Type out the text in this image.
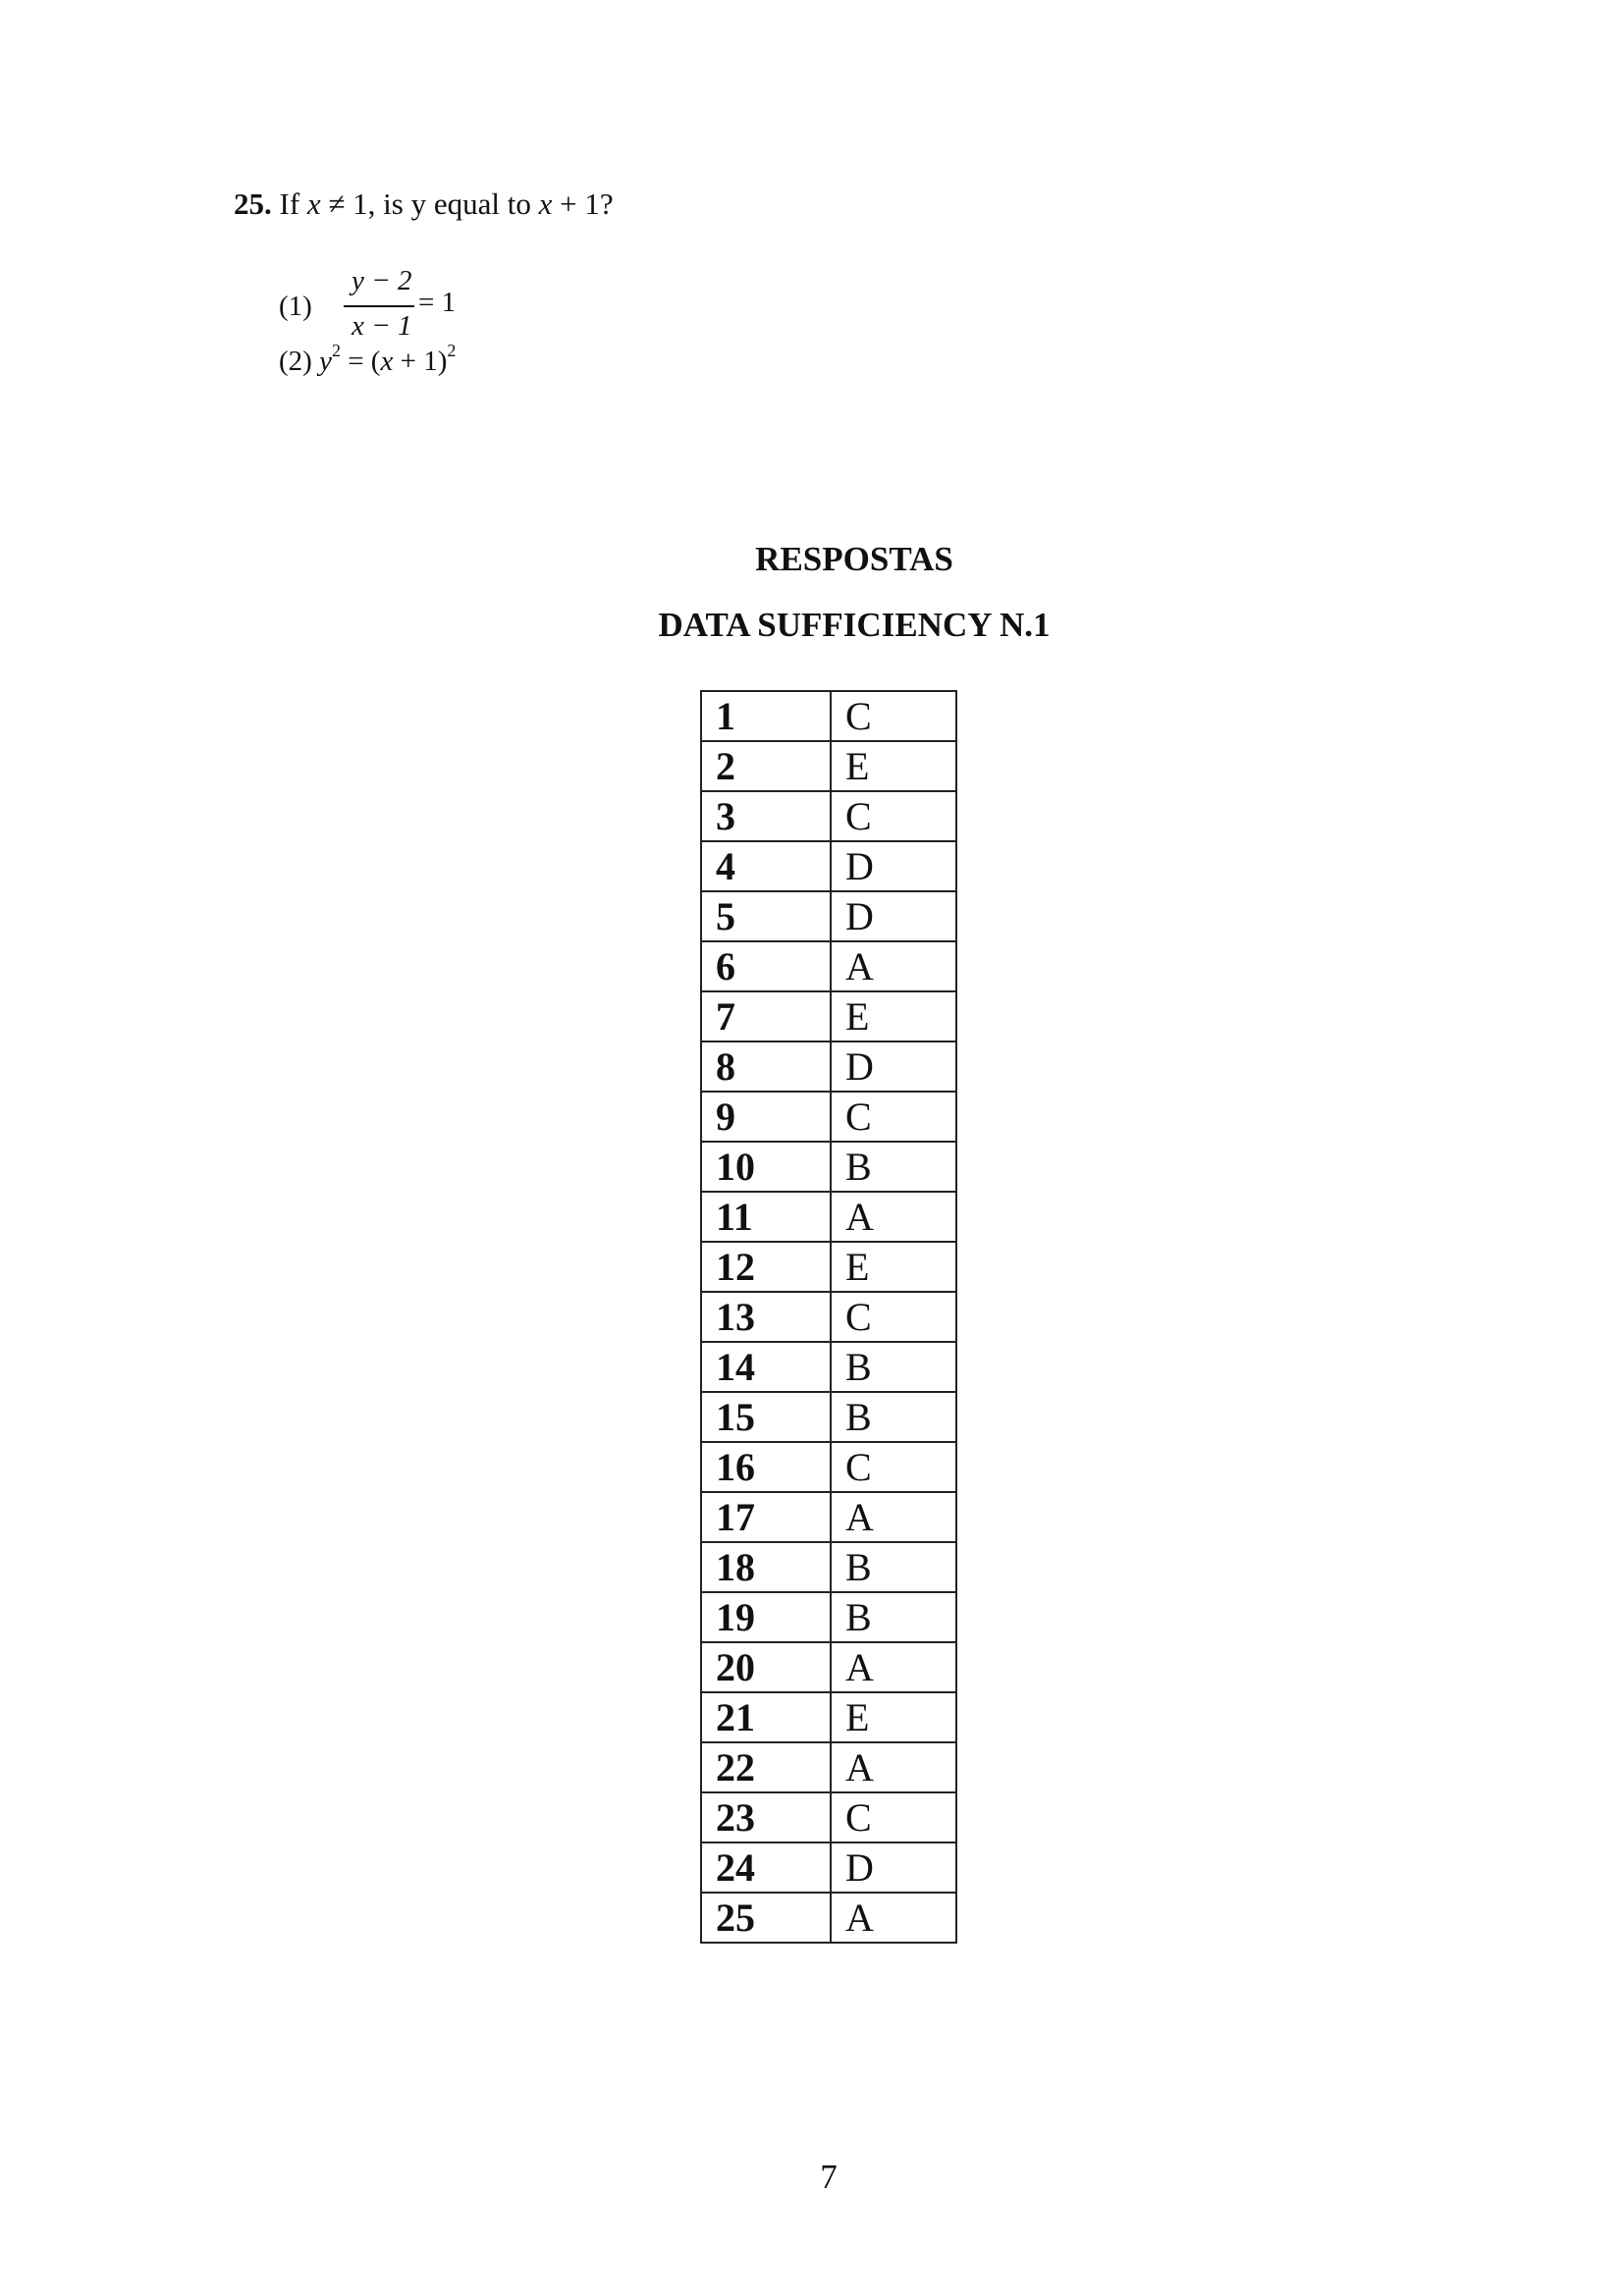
25. If x ≠ 1, is y equal to x + 1?
(1)
y − 2
x − 1
= 1
(2) $y^2 = (x + 1)^2$
RESPOSTAS
DATA SUFFICIENCY N.1
1	C
2	E
3	C
4	D
5	D
6	A
7	E
8	D
9	C
10	B
11	A
12	E
13	C
14	B
15	B
16	C
17	A
18	B
19	B
20	A
21	E
22	A
23	C
24	D
25	A
7
